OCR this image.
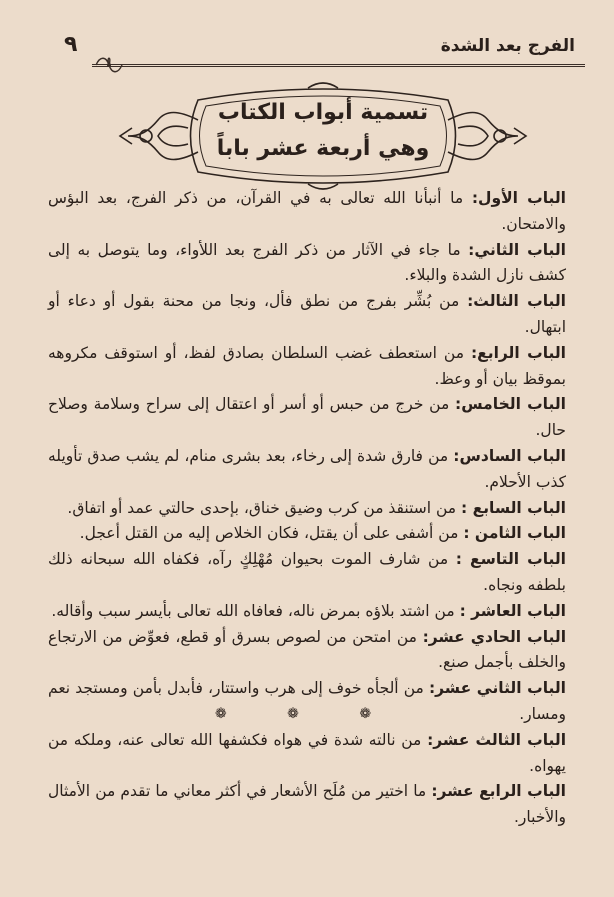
٩	الفرج بعد الشدة
تسمية أبواب الكتاب
وهي أربعة عشر باباً

الباب الأول: ما أنبأنا الله تعالى به في القرآن، من ذكر الفرج، بعد البؤس والامتحان.

الباب الثاني: ما جاء في الآثار من ذكر الفرج بعد اللأواء، وما يتوصل به إلى كشف نازل الشدة والبلاء.

الباب الثالث: من بُشِّر بفرج من نطق فأل، ونجا من محنة بقول أو دعاء أو ابتهال.

الباب الرابع: من استعطف غضب السلطان بصادق لفظ، أو استوقف مكروهه بموقظ بيان أو وعظ.

الباب الخامس: من خرج من حبس أو أسر أو اعتقال إلى سراح وسلامة وصلاح حال.

الباب السادس: من فارق شدة إلى رخاء، بعد بشرى منام، لم يشب صدق تأويله كذب الأحلام.

الباب السابع : من استنقذ من كرب وضيق خناق، بإحدى حالتي عمد أو اتفاق.

الباب الثامن : من أشفى على أن يقتل، فكان الخلاص إليه من القتل أعجل.

الباب التاسع : من شارف الموت بحيوان مُهْلِكٍ رآه، فكفاه الله سبحانه ذلك بلطفه ونجاه.

الباب العاشر : من اشتد بلاؤه بمرض ناله، فعافاه الله تعالى بأيسر سبب وأقاله.

الباب الحادي عشر: من امتحن من لصوص بسرق أو قطع، فعوِّض من الارتجاع والخلف بأجمل صنع.

الباب الثاني عشر: من ألجأه خوف إلى هرب واستتار، فأبدل بأمن ومستجد نعم ومسار.

الباب الثالث عشر: من نالته شدة في هواه فكشفها الله تعالى عنه، وملكه من يهواه.

الباب الرابع عشر: ما اختير من مُلَح الأشعار في أكثر معاني ما تقدم من الأمثال والأخبار.

❁ ❁ ❁
